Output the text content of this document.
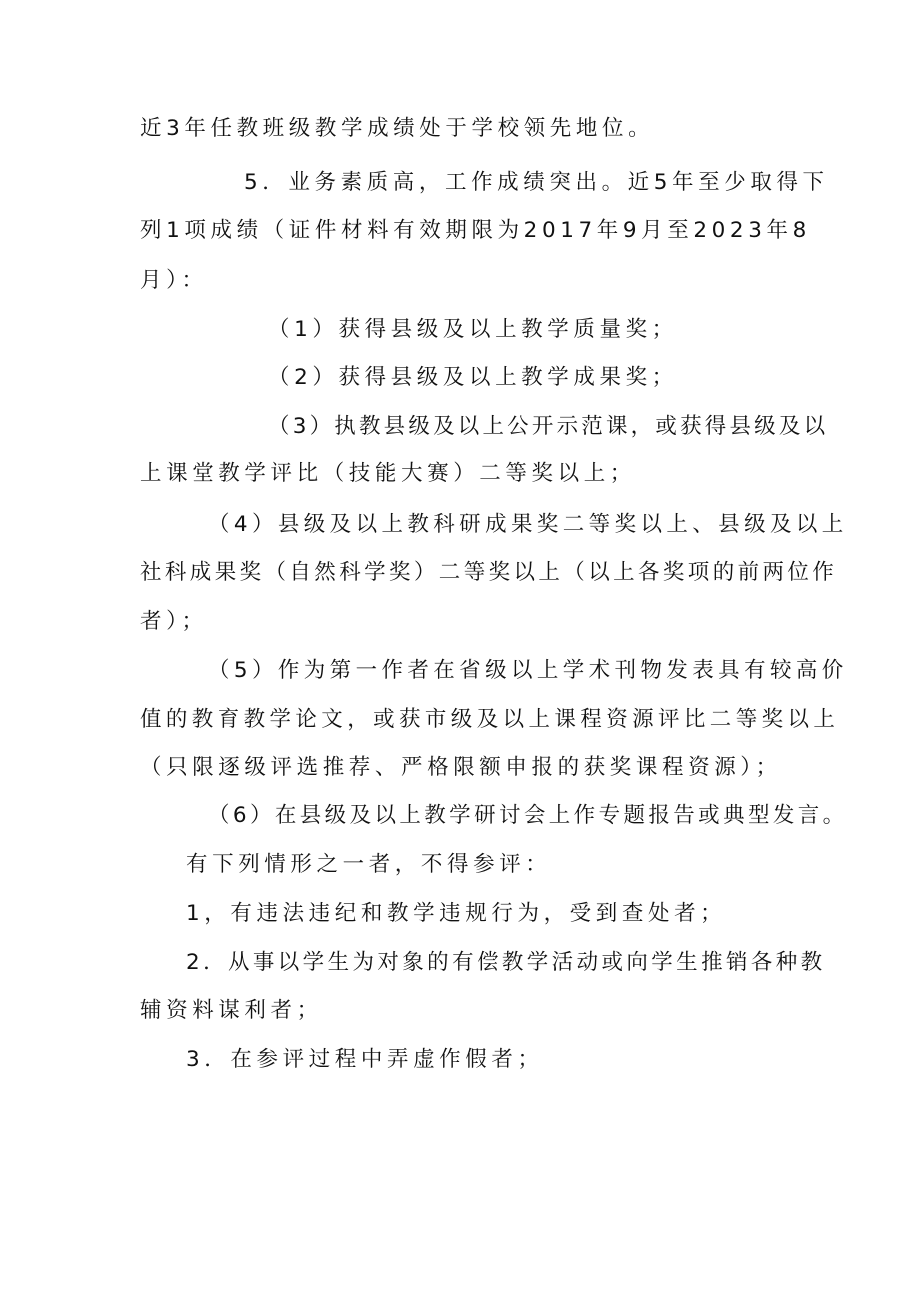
近3年任教班级教学成绩处于学校领先地位。
5．业务素质高，工作成绩突出。近5年至少取得下
列1项成绩（证件材料有效期限为2017年9月至2023年8
月）：
（1）获得县级及以上教学质量奖；
（2）获得县级及以上教学成果奖；
（3）执教县级及以上公开示范课，或获得县级及以
上课堂教学评比（技能大赛）二等奖以上；
（4）县级及以上教科研成果奖二等奖以上、县级及以上
社科成果奖（自然科学奖）二等奖以上（以上各奖项的前两位作
者）；
（5）作为第一作者在省级以上学术刊物发表具有较高价
值的教育教学论文，或获市级及以上课程资源评比二等奖以上
（只限逐级评选推荐、严格限额申报的获奖课程资源）；
（6）在县级及以上教学研讨会上作专题报告或典型发言。
有下列情形之一者，不得参评：
1，有违法违纪和教学违规行为，受到查处者；
2．从事以学生为对象的有偿教学活动或向学生推销各种教
辅资料谋利者；
3．在参评过程中弄虚作假者；
